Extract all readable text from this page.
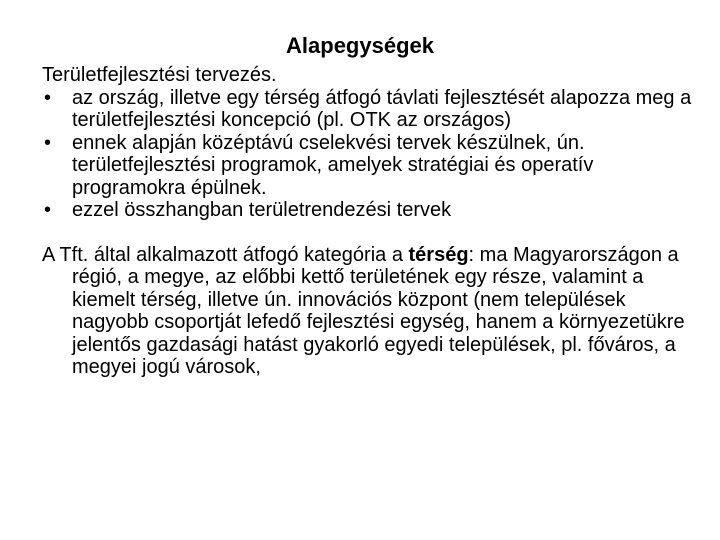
Alapegységek

Területfejlesztési tervezés.

• az ország, illetve egy térség átfogó távlati fejlesztését alapozza meg a területfejlesztési koncepció (pl. OTK az országos)
• ennek alapján középtávú cselekvési tervek készülnek, ún. területfejlesztési programok, amelyek stratégiai és operatív programokra épülnek.
• ezzel összhangban területrendezési tervek

A Tft. által alkalmazott átfogó kategória a térség: ma Magyarországon a régió, a megye, az előbbi kettő területének egy része, valamint a kiemelt térség, illetve ún. innovációs központ (nem települések nagyobb csoportját lefedő fejlesztési egység, hanem a környezetükre jelentős gazdasági hatást gyakorló egyedi települések, pl. főváros, a megyei jogú városok,
